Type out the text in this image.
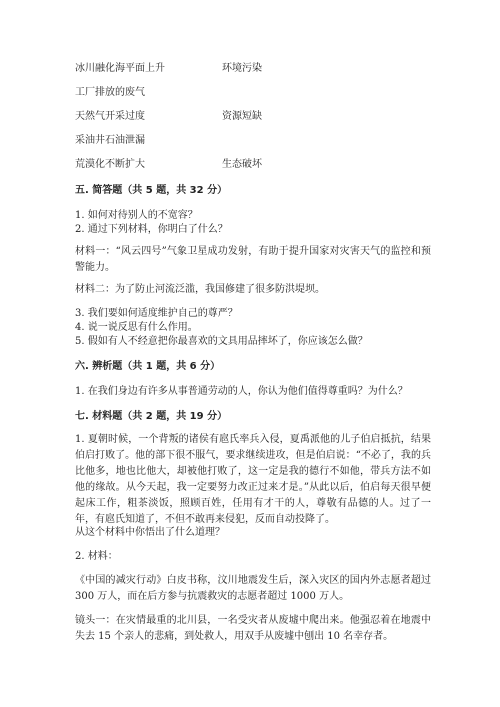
冰川融化海平面上升	环境污染
工厂排放的废气
天然气开采过度	资源短缺
采油井石油泄漏
荒漠化不断扩大	生态破坏
五. 简答题（共 5 题，共 32 分）
1. 如何对待别人的不宽容？
2. 通过下列材料，你明白了什么？
材料一：“风云四号”气象卫星成功发射，有助于提升国家对灾害天气的监控和预警能力。
材料二：为了防止河流泛滥，我国修建了很多防洪堤坝。
3. 我们要如何适度维护自己的尊严？
4. 说一说反思有什么作用。
5. 假如有人不经意把你最喜欢的文具用品摔坏了，你应该怎么做？
六. 辨析题（共 1 题，共 6 分）
1. 在我们身边有许多从事普通劳动的人，你认为他们值得尊重吗？为什么？
七. 材料题（共 2 题，共 19 分）
1. 夏朝时候，一个背叛的诸侯有扈氏率兵入侵，夏禹派他的儿子伯启抵抗，结果伯启打败了。他的部下很不服气，要求继续进攻，但是伯启说：“不必了，我的兵比他多，地也比他大，却被他打败了，这一定是我的德行不如他，带兵方法不如他的缘故。从今天起，我一定要努力改正过来才是。”从此以后，伯启每天很早便起床工作，粗茶淡饭，照顾百姓，任用有才干的人，尊敬有品德的人。过了一年，有扈氏知道了，不但不敢再来侵犯，反而自动投降了。
从这个材料中你悟出了什么道理？
2. 材料：
《中国的减灾行动》白皮书称，汶川地震发生后，深入灾区的国内外志愿者超过 300 万人，而在后方参与抗震救灾的志愿者超过 1000 万人。
镜头一：在灾情最重的北川县，一名受灾者从废墟中爬出来。他强忍着在地震中失去 15 个亲人的悲痛，到处救人，用双手从废墟中刨出 10 名幸存者。
